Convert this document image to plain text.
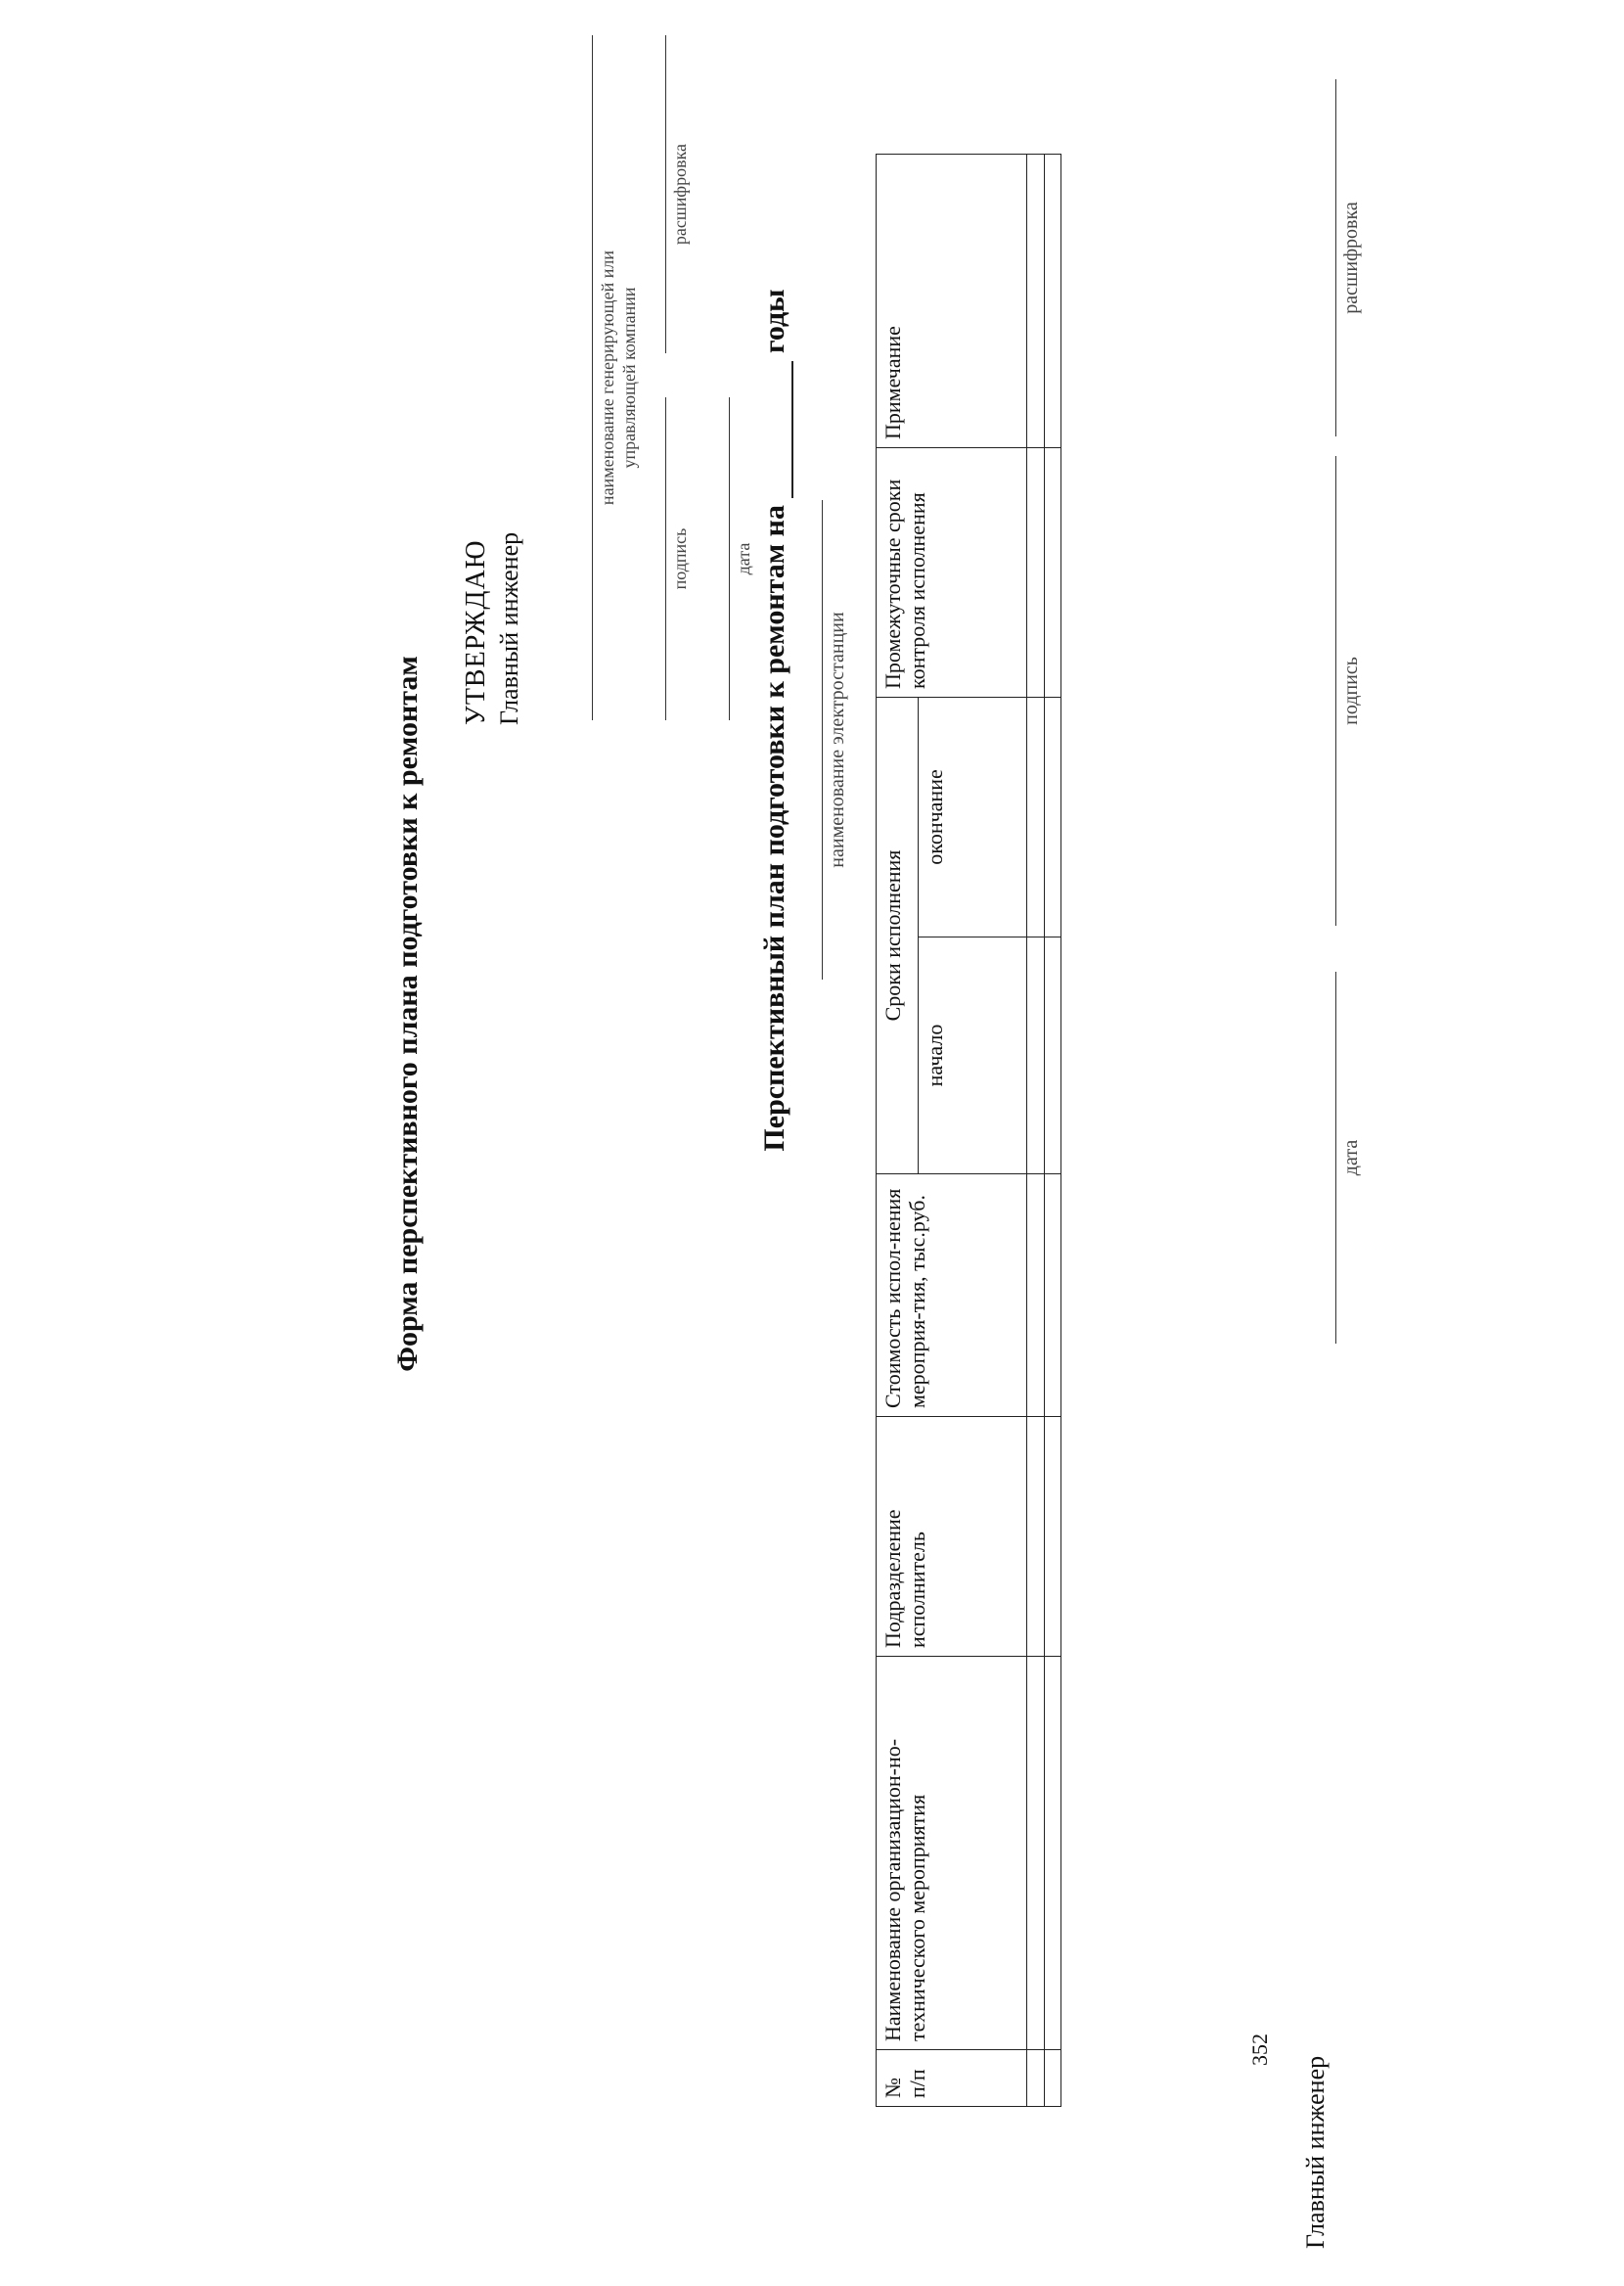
Форма перспективного плана подготовки к ремонтам
УТВЕРЖДАЮ Главный инженер
наименование генерирующей или управляющей компании
подпись
расшифровка
дата Перспективный план подготовки к ремонтам на   годы
наименование электростанции
№ п/п	Наименование организацион-но-технического мероприятия	Подразделение исполнитель	Стоимость испол-нения мероприя-тия, тыс.руб.	Сроки исполнения		Промежуточные сроки контроля исполнения	Примечание
				начало	окончание		

352
Главный инженер
дата
подпись
расшифровка
